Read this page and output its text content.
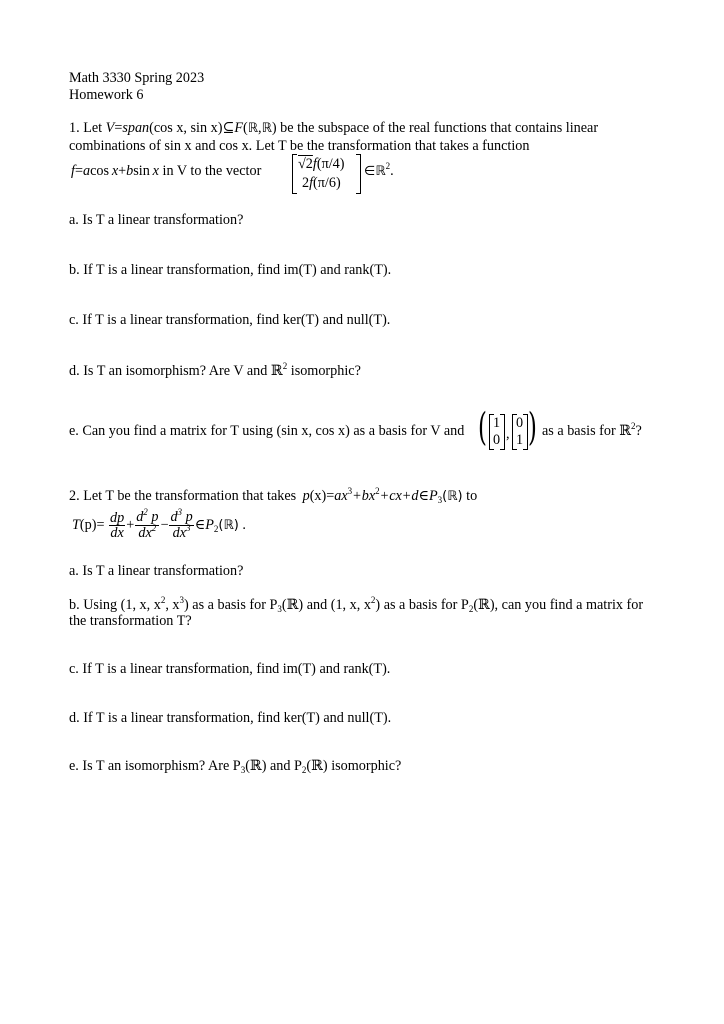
Math 3330 Spring 2023
Homework 6
1. Let V=span(cos x, sin x)⊆F(ℝ,ℝ) be the subspace of the real functions that contains linear
combinations of sin x and cos x. Let T be the transformation that takes a function
f=acos  x+bsin  x in V to the vector	√2f(π/4)
2f(π/6)
∈ℝ$^2$.
a. Is T a linear transformation?
b. If T is a linear transformation, find im(T) and rank(T).
c. If T is a linear transformation, find ker(T) and null(T).
d. Is T an isomorphism? Are V and ℝ$^2$ isomorphic?
e. Can you find a matrix for T using (sin x, cos x) as a basis for V and ( 1
0 ,
0
1 ) as a basis for ℝ$^2$?
2. Let T be the transformation that takes  $p(x)=ax^3+bx^2+cx+d\in P_3(ℝ)$ to
$T(p)= \frac{dp}{dx} + \frac{d^2 p}{dx^2} - \frac{d^3 p}{dx^3}$ $\in P_2(ℝ)$ .
a. Is T a linear transformation?
b. Using (1, x, $x^2$, $x^3$) as a basis for $P_3(ℝ)$ and (1, x, $x^2$) as a basis for $P_2(ℝ)$, can you find a matrix for
the transformation T?
c. If T is a linear transformation, find im(T) and rank(T).
d. If T is a linear transformation, find ker(T) and null(T).
e. Is T an isomorphism? Are $P_3(ℝ)$ and $P_2(ℝ)$ isomorphic?
